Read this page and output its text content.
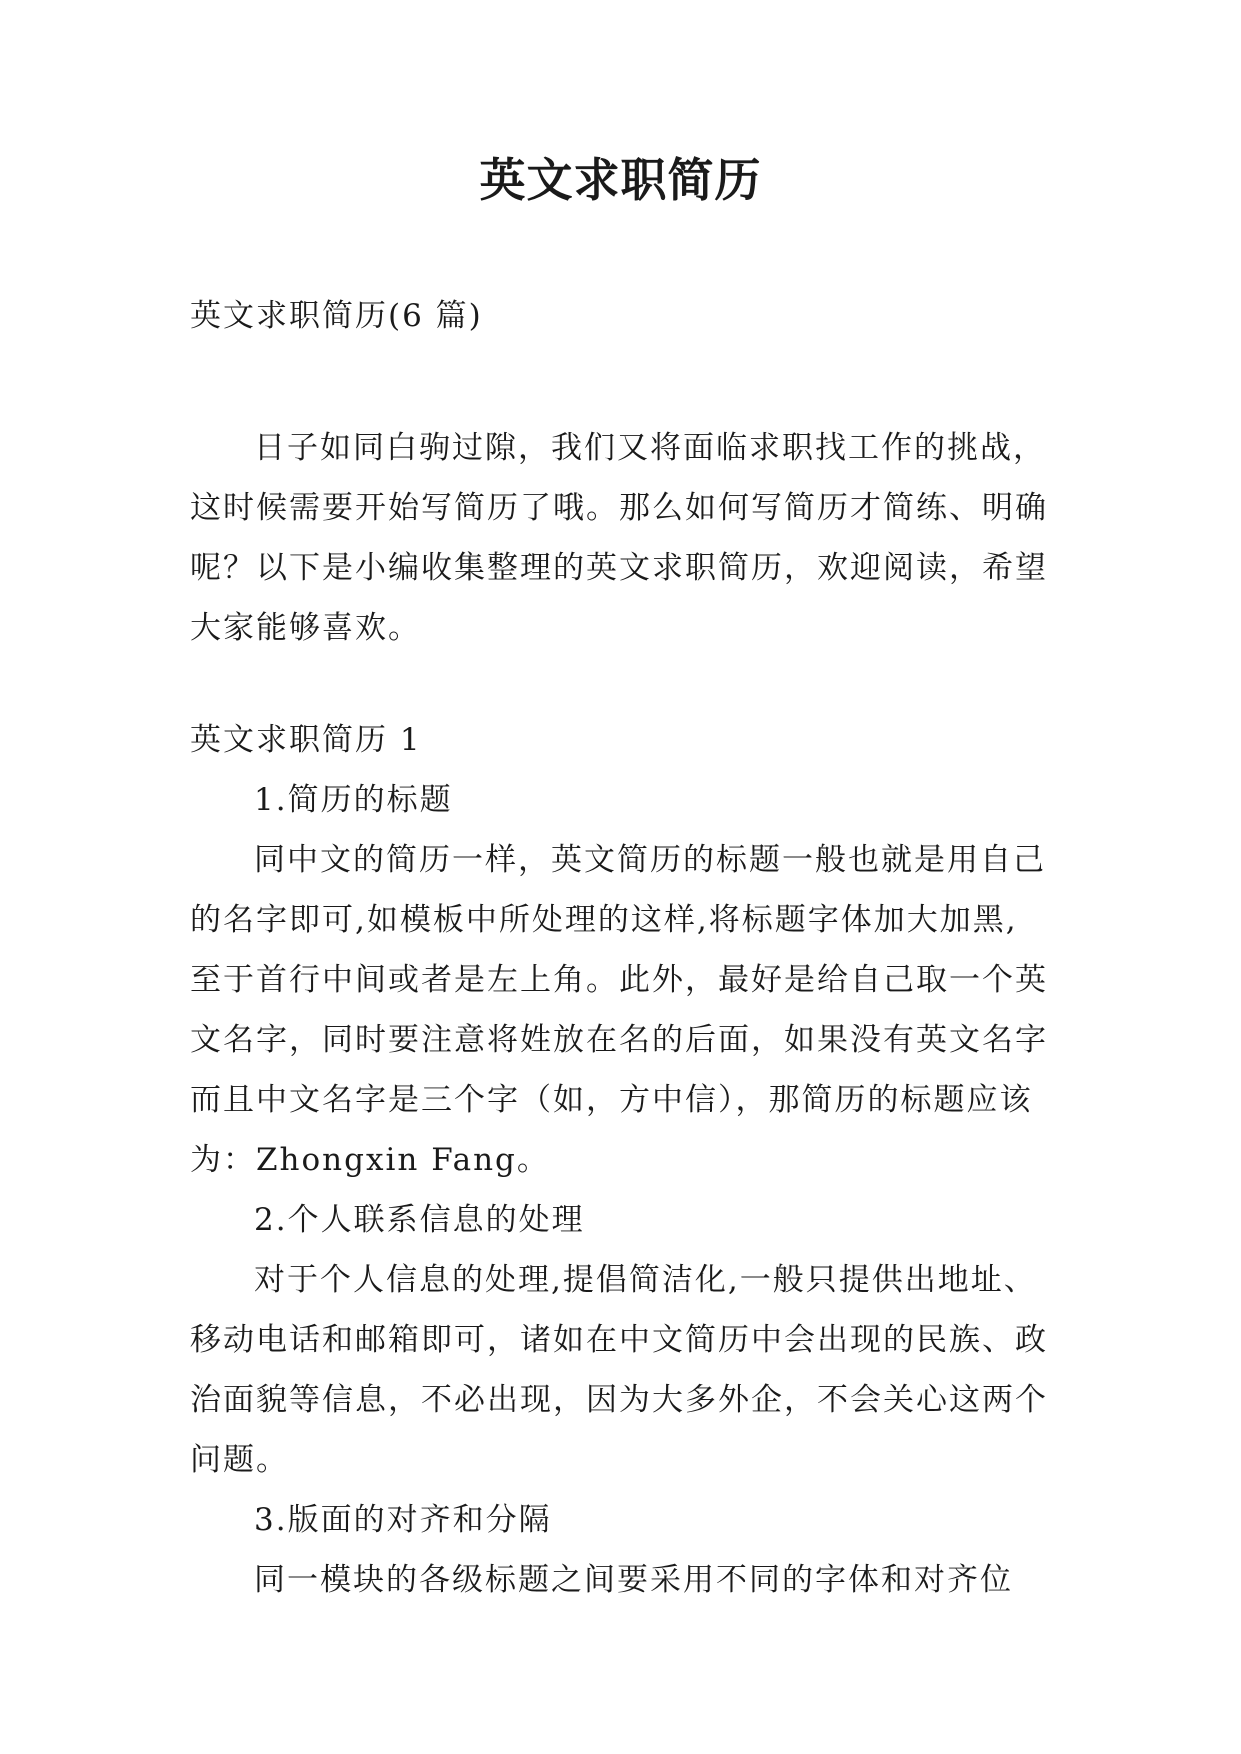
英文求职简历

英文求职简历(6 篇)

日子如同白驹过隙，我们又将面临求职找工作的挑战，
这时候需要开始写简历了哦。那么如何写简历才简练、明确
呢？以下是小编收集整理的英文求职简历，欢迎阅读，希望
大家能够喜欢。

英文求职简历 1

1.简历的标题

同中文的简历一样，英文简历的标题一般也就是用自己
的名字即可,如模板中所处理的这样,将标题字体加大加黑,
至于首行中间或者是左上角。此外，最好是给自己取一个英
文名字，同时要注意将姓放在名的后面，如果没有英文名字
而且中文名字是三个字（如，方中信），那简历的标题应该
为：Zhongxin Fang。

2.个人联系信息的处理

对于个人信息的处理,提倡简洁化,一般只提供出地址、
移动电话和邮箱即可，诸如在中文简历中会出现的民族、政
治面貌等信息，不必出现，因为大多外企，不会关心这两个
问题。

3.版面的对齐和分隔

同一模块的各级标题之间要采用不同的字体和对齐位
